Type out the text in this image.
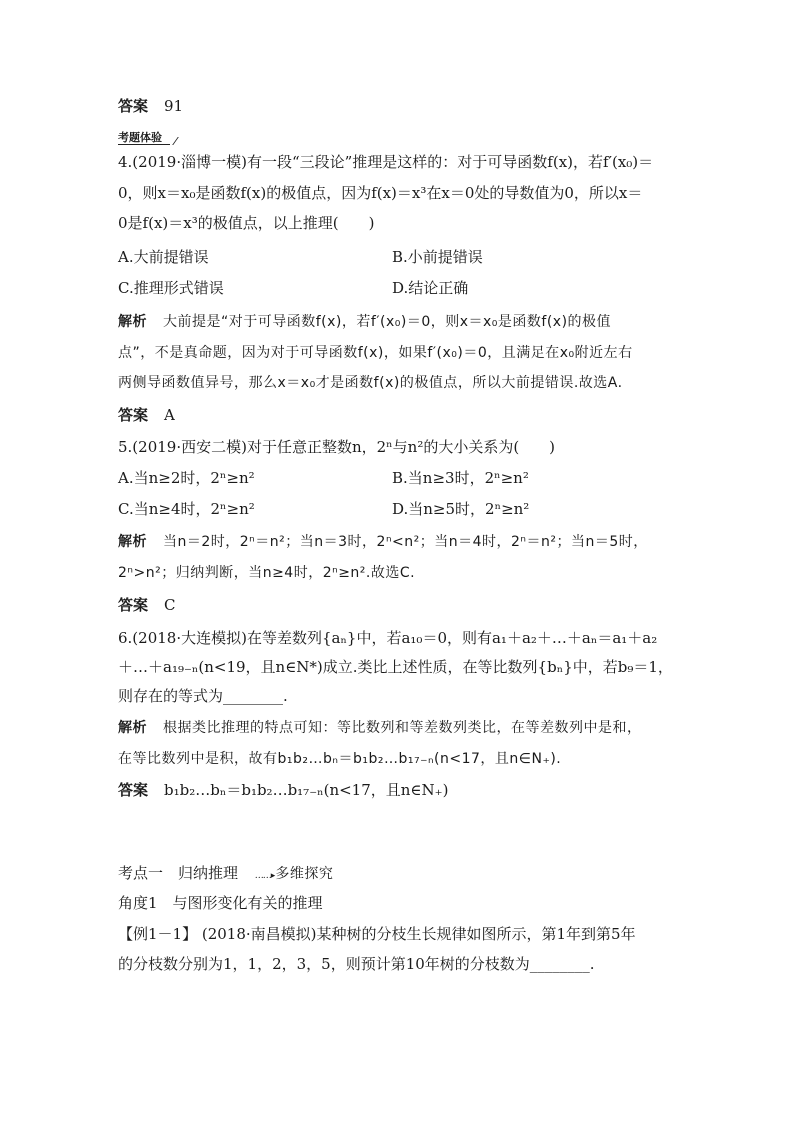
答案 91
考题体验
4.(2019·淄博一模)有一段“三段论”推理是这样的：对于可导函数f(x)，若f′(x₀)＝
0，则x＝x₀是函数f(x)的极值点，因为f(x)＝x³在x＝0处的导数值为0，所以x＝
0是f(x)＝x³的极值点，以上推理(　　)
A.大前提错误	B.小前提错误
C.推理形式错误	D.结论正确
解析 大前提是“对于可导函数f(x)，若f′(x₀)＝0，则x＝x₀是函数f(x)的极值
点”，不是真命题，因为对于可导函数f(x)，如果f′(x₀)＝0，且满足在x₀附近左右
两侧导函数值异号，那么x＝x₀才是函数f(x)的极值点，所以大前提错误.故选A.
答案 A
5.(2019·西安二模)对于任意正整数n，2ⁿ与n²的大小关系为(　　)
A.当n≥2时，2ⁿ≥n²	B.当n≥3时，2ⁿ≥n²
C.当n≥4时，2ⁿ≥n²	D.当n≥5时，2ⁿ≥n²
解析 当n＝2时，2ⁿ＝n²；当n＝3时，2ⁿ<n²；当n＝4时，2ⁿ＝n²；当n＝5时，
2ⁿ>n²；归纳判断，当n≥4时，2ⁿ≥n².故选C.
答案 C
6.(2018·大连模拟)在等差数列{aₙ}中，若a₁₀＝0，则有a₁＋a₂＋…＋aₙ＝a₁＋a₂
＋…＋a₁₉₋ₙ(n<19，且n∈N*)成立.类比上述性质，在等比数列{bₙ}中，若b₉＝1，
则存在的等式为________.
解析 根据类比推理的特点可知：等比数列和等差数列类比，在等差数列中是和，
在等比数列中是积，故有b₁b₂…bₙ＝b₁b₂…b₁₇₋ₙ(n<17，且n∈N₊).
答案 b₁b₂…bₙ＝b₁b₂…b₁₇₋ₙ(n<17，且n∈N₊)
考点一　归纳推理 ……▸多维探究
角度1　与图形变化有关的推理
【例1－1】 (2018·南昌模拟)某种树的分枝生长规律如图所示，第1年到第5年
的分枝数分别为1，1，2，3，5，则预计第10年树的分枝数为________.
